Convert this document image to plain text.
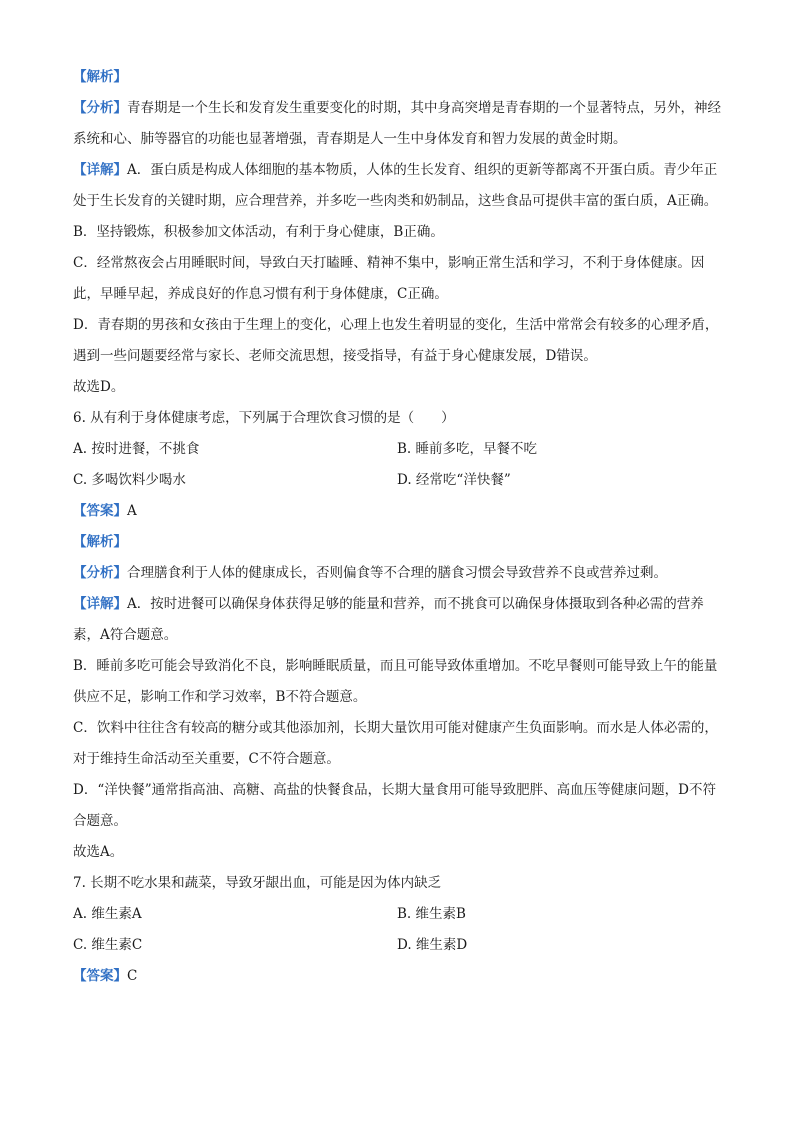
【解析】
【分析】青春期是一个生长和发育发生重要变化的时期，其中身高突增是青春期的一个显著特点，另外，神经系统和心、肺等器官的功能也显著增强，青春期是人一生中身体发育和智力发展的黄金时期。
【详解】A．蛋白质是构成人体细胞的基本物质，人体的生长发育、组织的更新等都离不开蛋白质。青少年正处于生长发育的关键时期，应合理营养，并多吃一些肉类和奶制品，这些食品可提供丰富的蛋白质，A正确。
B．坚持锻炼，积极参加文体活动，有利于身心健康，B正确。
C．经常熬夜会占用睡眠时间，导致白天打瞌睡、精神不集中，影响正常生活和学习，不利于身体健康。因此，早睡早起，养成良好的作息习惯有利于身体健康，C正确。
D．青春期的男孩和女孩由于生理上的变化，心理上也发生着明显的变化，生活中常常会有较多的心理矛盾，遇到一些问题要经常与家长、老师交流思想，接受指导，有益于身心健康发展，D错误。
故选D。
6. 从有利于身体健康考虑，下列属于合理饮食习惯的是（　　）
A. 按时进餐，不挑食	B. 睡前多吃，早餐不吃
C. 多喝饮料少喝水	D. 经常吃“洋快餐”
【答案】A
【解析】
【分析】合理膳食利于人体的健康成长，否则偏食等不合理的膳食习惯会导致营养不良或营养过剩。
【详解】A．按时进餐可以确保身体获得足够的能量和营养，而不挑食可以确保身体摄取到各种必需的营养素，A符合题意。
B．睡前多吃可能会导致消化不良，影响睡眠质量，而且可能导致体重增加。不吃早餐则可能导致上午的能量供应不足，影响工作和学习效率，B不符合题意。
C．饮料中往往含有较高的糖分或其他添加剂，长期大量饮用可能对健康产生负面影响。而水是人体必需的，对于维持生命活动至关重要，C不符合题意。
D．“洋快餐”通常指高油、高糖、高盐的快餐食品，长期大量食用可能导致肥胖、高血压等健康问题，D不符合题意。
故选A。
7. 长期不吃水果和蔬菜，导致牙龈出血，可能是因为体内缺乏
A. 维生素A	B. 维生素B
C. 维生素C	D. 维生素D
【答案】C
